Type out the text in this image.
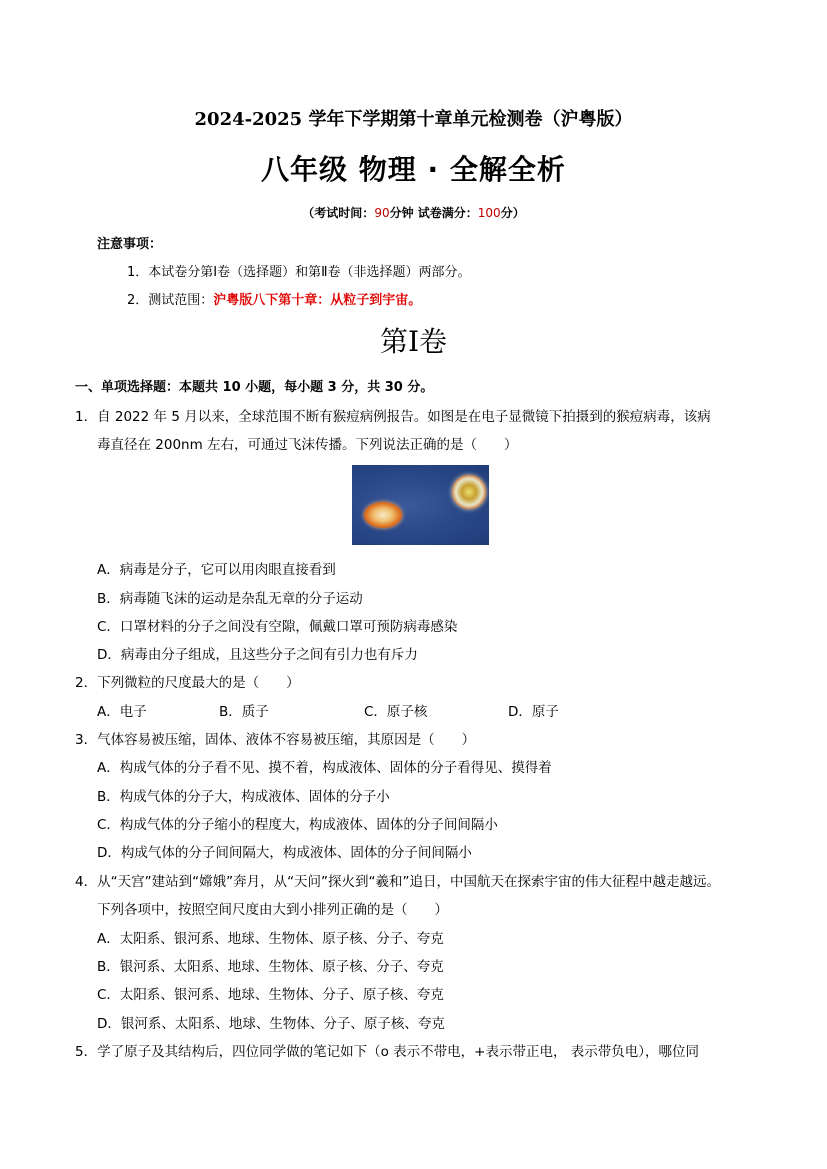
2024-2025 学年下学期第十章单元检测卷（沪粤版）
八年级 物理 · 全解全析
（考试时间：90分钟 试卷满分：100分）
注意事项：
1．本试卷分第Ⅰ卷（选择题）和第Ⅱ卷（非选择题）两部分。
2．测试范围：沪粤版八下第十章：从粒子到宇宙。
第Ⅰ卷
一、单项选择题：本题共 10 小题，每小题 3 分，共 30 分。
1．自 2022 年 5 月以来，全球范围不断有猴痘病例报告。如图是在电子显微镜下拍摄到的猴痘病毒，该病
毒直径在 200nm 左右，可通过飞沫传播。下列说法正确的是（　　）
A．病毒是分子，它可以用肉眼直接看到
B．病毒随飞沫的运动是杂乱无章的分子运动
C．口罩材料的分子之间没有空隙，佩戴口罩可预防病毒感染
D．病毒由分子组成，且这些分子之间有引力也有斥力
2．下列微粒的尺度最大的是（　　）
A．电子	B．质子	C．原子核	D．原子
3．气体容易被压缩，固体、液体不容易被压缩，其原因是（　　）
A．构成气体的分子看不见、摸不着，构成液体、固体的分子看得见、摸得着
B．构成气体的分子大，构成液体、固体的分子小
C．构成气体的分子缩小的程度大，构成液体、固体的分子间间隔小
D．构成气体的分子间间隔大，构成液体、固体的分子间间隔小
4．从“天宫”建站到“嫦娥”奔月，从“天问”探火到“羲和”追日，中国航天在探索宇宙的伟大征程中越走越远。
下列各项中，按照空间尺度由大到小排列正确的是（　　）
A．太阳系、银河系、地球、生物体、原子核、分子、夸克
B．银河系、太阳系、地球、生物体、原子核、分子、夸克
C．太阳系、银河系、地球、生物体、分子、原子核、夸克
D．银河系、太阳系、地球、生物体、分子、原子核、夸克
5．学了原子及其结构后，四位同学做的笔记如下（o 表示不带电，+表示带正电， 表示带负电），哪位同
